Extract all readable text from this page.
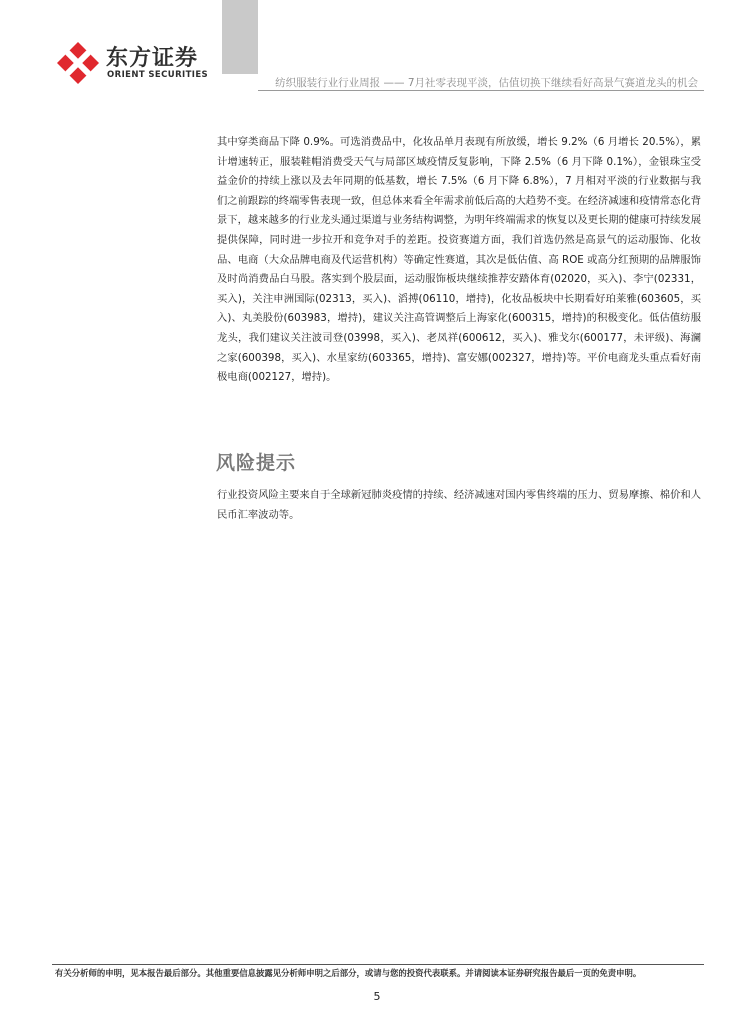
东方证券
ORIENT SECURITIES
纺织服装行业行业周报 —— 7月社零表现平淡，估值切换下继续看好高景气赛道龙头的机会

其中穿类商品下降 0.9%。可选消费品中，化妆品单月表现有所放缓，增长 9.2%（6 月增长 20.5%），累计增速转正，服装鞋帽消费受天气与局部区域疫情反复影响，下降 2.5%（6 月下降 0.1%），金银珠宝受益金价的持续上涨以及去年同期的低基数，增长 7.5%（6 月下降 6.8%），7 月相对平淡的行业数据与我们之前跟踪的终端零售表现一致，但总体来看全年需求前低后高的大趋势不变。在经济减速和疫情常态化背景下，越来越多的行业龙头通过渠道与业务结构调整，为明年终端需求的恢复以及更长期的健康可持续发展提供保障，同时进一步拉开和竞争对手的差距。投资赛道方面，我们首选仍然是高景气的运动服饰、化妆品、电商（大众品牌电商及代运营机构）等确定性赛道，其次是低估值、高 ROE 或高分红预期的品牌服饰及时尚消费品白马股。落实到个股层面，运动服饰板块继续推荐安踏体育(02020，买入)、李宁(02331，买入)，关注申洲国际(02313，买入)、滔搏(06110，增持)，化妆品板块中长期看好珀莱雅(603605，买入)、丸美股份(603983，增持)，建议关注高管调整后上海家化(600315，增持)的积极变化。低估值纺服龙头，我们建议关注波司登(03998，买入)、老凤祥(600612，买入)、雅戈尔(600177，未评级)、海澜之家(600398，买入)、水星家纺(603365，增持)、富安娜(002327，增持)等。平价电商龙头重点看好南极电商(002127，增持)。

风险提示

行业投资风险主要来自于全球新冠肺炎疫情的持续、经济减速对国内零售终端的压力、贸易摩擦、棉价和人民币汇率波动等。

有关分析师的申明，见本报告最后部分。其他重要信息披露见分析师申明之后部分，或请与您的投资代表联系。并请阅读本证券研究报告最后一页的免责申明。
5
